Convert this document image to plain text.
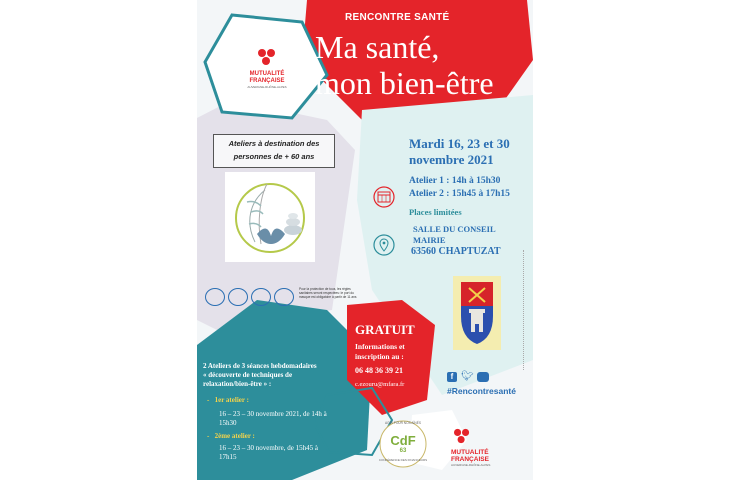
MUTUALITÉ
FRANÇAISE
AUVERGNE-RHÔNE-ALPES
RENCONTRE SANTÉ
Ma santé,
mon bien-être
Ateliers à destination des
personnes de + 60 ans
Pour la protection de tous, les règles
sanitaires seront respectées: le port du
masque est obligatoire à partir de 11 ans
Mardi 16, 23 et 30
novembre 2021
Atelier 1 : 14h à 15h30
Atelier 2 : 15h45 à 17h15
Places limitées
SALLE DU CONSEIL
MAIRIE
63560 CHAPTUZAT
GRATUIT
Informations et
inscription au :
06 48 36 39 21
c.ezouru@mfara.fr
f 🐦︎
#Rencontresanté
2 Ateliers de 3 séances hebdomadaires
« découverte de techniques de
relaxation/bien-être » :
-   1er atelier :
16 – 23 – 30 novembre 2021, de 14h à
15h30
-   2ème atelier :
16 – 23 – 30 novembre, de 15h45 à
17h15
AGIR POUR NOS AÎNÉS
CdF
63
CONFÉRENCE DES FINANCEURS
MUTUALITÉ
FRANÇAISE
AUVERGNE-RHÔNE-ALPES
